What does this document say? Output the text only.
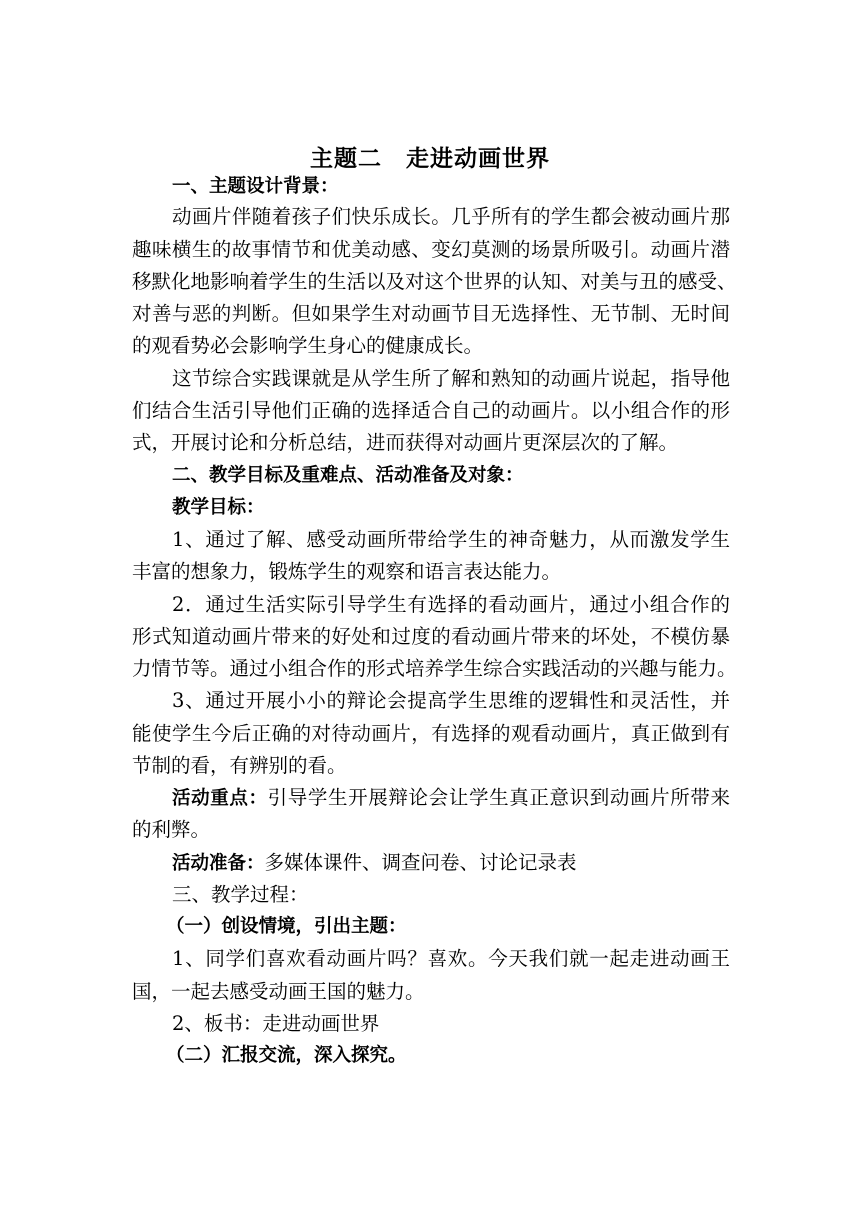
主题二　走进动画世界
一、主题设计背景：
动画片伴随着孩子们快乐成长。几乎所有的学生都会被动画片那
趣味横生的故事情节和优美动感、变幻莫测的场景所吸引。动画片潜
移默化地影响着学生的生活以及对这个世界的认知、对美与丑的感受、
对善与恶的判断。但如果学生对动画节目无选择性、无节制、无时间
的观看势必会影响学生身心的健康成长。
这节综合实践课就是从学生所了解和熟知的动画片说起，指导他
们结合生活引导他们正确的选择适合自己的动画片。以小组合作的形
式，开展讨论和分析总结，进而获得对动画片更深层次的了解。
二、教学目标及重难点、活动准备及对象：
教学目标：
1、通过了解、感受动画所带给学生的神奇魅力，从而激发学生
丰富的想象力，锻炼学生的观察和语言表达能力。
2．通过生活实际引导学生有选择的看动画片，通过小组合作的
形式知道动画片带来的好处和过度的看动画片带来的坏处，不模仿暴
力情节等。通过小组合作的形式培养学生综合实践活动的兴趣与能力。
3、通过开展小小的辩论会提高学生思维的逻辑性和灵活性，并
能使学生今后正确的对待动画片，有选择的观看动画片，真正做到有
节制的看，有辨别的看。
活动重点：引导学生开展辩论会让学生真正意识到动画片所带来
的利弊。
活动准备：多媒体课件、调查问卷、讨论记录表
三、教学过程：
（一）创设情境，引出主题：
1、同学们喜欢看动画片吗？喜欢。今天我们就一起走进动画王
国，一起去感受动画王国的魅力。
2、板书：走进动画世界
（二）汇报交流，深入探究。
